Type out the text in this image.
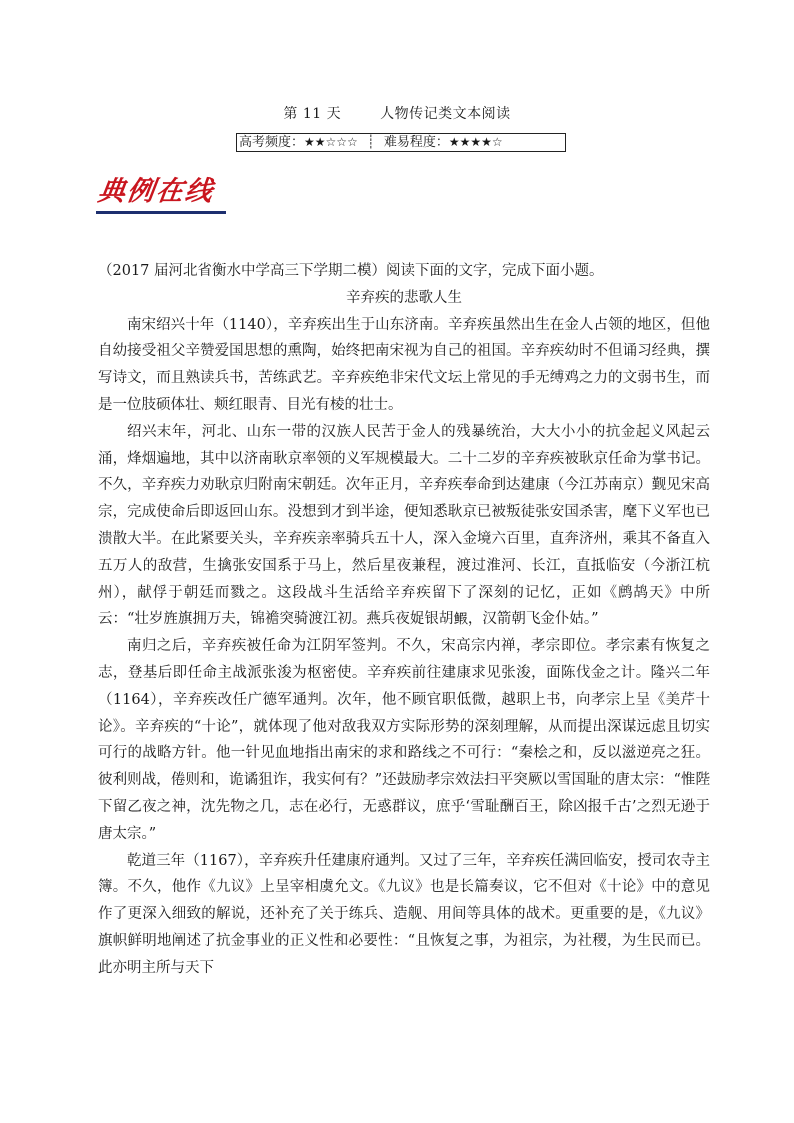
第 11 天	人物传记类文本阅读
高考频度：★★☆☆☆ ┊ 难易程度：★★★★☆
典例在线

（2017 届河北省衡水中学高三下学期二模）阅读下面的文字，完成下面小题。

辛弃疾的悲歌人生

南宋绍兴十年（1140），辛弃疾出生于山东济南。辛弃疾虽然出生在金人占领的地区，但他自幼接受祖父辛赞爱国思想的熏陶，始终把南宋视为自己的祖国。辛弃疾幼时不但诵习经典，撰写诗文，而且熟读兵书，苦练武艺。辛弃疾绝非宋代文坛上常见的手无缚鸡之力的文弱书生，而是一位肢硕体壮、颊红眼青、目光有棱的壮士。

绍兴末年，河北、山东一带的汉族人民苦于金人的残暴统治，大大小小的抗金起义风起云涌，烽烟遍地，其中以济南耿京率领的义军规模最大。二十二岁的辛弃疾被耿京任命为掌书记。不久，辛弃疾力劝耿京归附南宋朝廷。次年正月，辛弃疾奉命到达建康（今江苏南京）觐见宋高宗，完成使命后即返回山东。没想到才到半途，便知悉耿京已被叛徒张安国杀害，麾下义军也已溃散大半。在此紧要关头，辛弃疾亲率骑兵五十人，深入金境六百里，直奔济州，乘其不备直入五万人的敌营，生擒张安国系于马上，然后星夜兼程，渡过淮河、长江，直抵临安（今浙江杭州），献俘于朝廷而戮之。这段战斗生活给辛弃疾留下了深刻的记忆，正如《鹧鸪天》中所云：“壮岁旌旗拥万夫，锦襜突骑渡江初。燕兵夜娖银胡𫚥，汉箭朝飞金仆姑。”

南归之后，辛弃疾被任命为江阴军签判。不久，宋高宗内禅，孝宗即位。孝宗素有恢复之志，登基后即任命主战派张浚为枢密使。辛弃疾前往建康求见张浚，面陈伐金之计。隆兴二年（1164），辛弃疾改任广德军通判。次年，他不顾官职低微，越职上书，向孝宗上呈《美芹十论》。辛弃疾的“十论”，就体现了他对敌我双方实际形势的深刻理解，从而提出深谋远虑且切实可行的战略方针。他一针见血地指出南宋的求和路线之不可行：“秦桧之和，反以滋逆亮之狂。彼利则战，倦则和，诡谲狙诈，我实何有？”还鼓励孝宗效法扫平突厥以雪国耻的唐太宗：“惟陛下留乙夜之神，沈先物之几，志在必行，无惑群议，庶乎‘雪耻酬百王，除凶报千古’之烈无逊于唐太宗。”

乾道三年（1167），辛弃疾升任建康府通判。又过了三年，辛弃疾任满回临安，授司农寺主簿。不久，他作《九议》上呈宰相虞允文。《九议》也是长篇奏议，它不但对《十论》中的意见作了更深入细致的解说，还补充了关于练兵、造舰、用间等具体的战术。更重要的是，《九议》旗帜鲜明地阐述了抗金事业的正义性和必要性：“且恢复之事，为祖宗，为社稷，为生民而已。此亦明主所与天下
